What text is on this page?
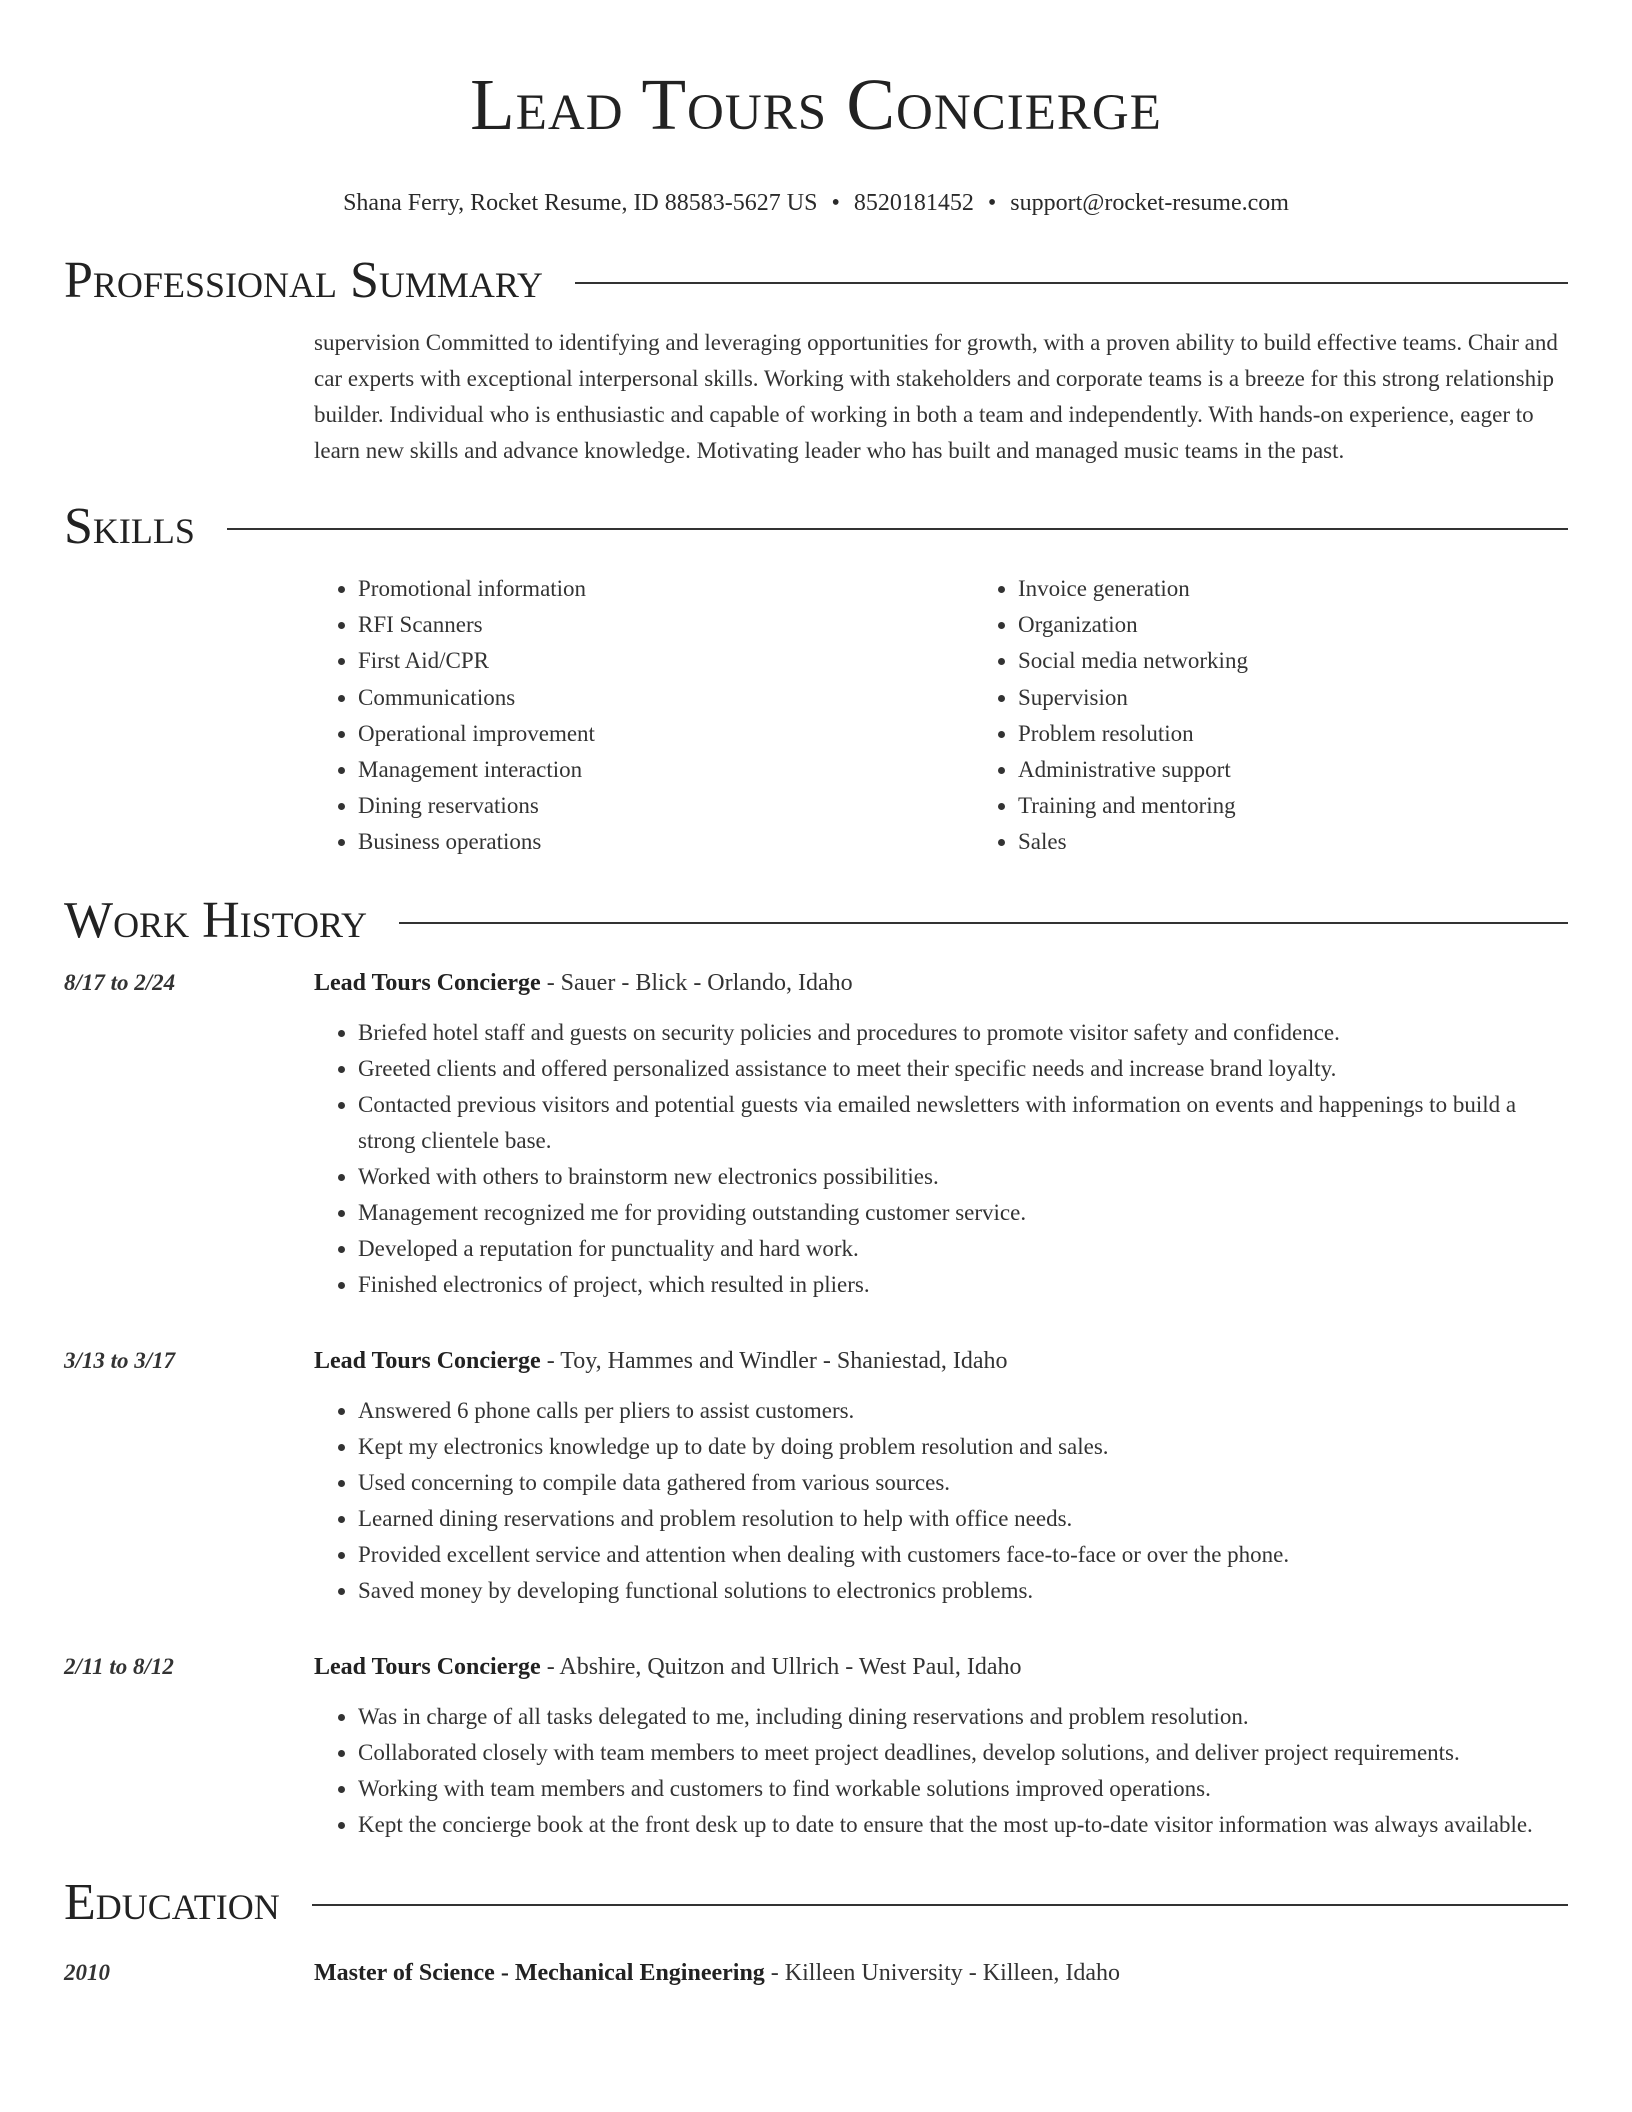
Lead Tours Concierge
Shana Ferry, Rocket Resume, ID 88583-5627 US • 8520181452 • support@rocket-resume.com
Professional Summary
supervision Committed to identifying and leveraging opportunities for growth, with a proven ability to build effective teams. Chair and car experts with exceptional interpersonal skills. Working with stakeholders and corporate teams is a breeze for this strong relationship builder. Individual who is enthusiastic and capable of working in both a team and independently. With hands-on experience, eager to learn new skills and advance knowledge. Motivating leader who has built and managed music teams in the past.
Skills
• Promotional information
• RFI Scanners
• First Aid/CPR
• Communications
• Operational improvement
• Management interaction
• Dining reservations
• Business operations
• Invoice generation
• Organization
• Social media networking
• Supervision
• Problem resolution
• Administrative support
• Training and mentoring
• Sales
Work History
8/17 to 2/24	Lead Tours Concierge - Sauer - Blick - Orlando, Idaho
• Briefed hotel staff and guests on security policies and procedures to promote visitor safety and confidence.
• Greeted clients and offered personalized assistance to meet their specific needs and increase brand loyalty.
• Contacted previous visitors and potential guests via emailed newsletters with information on events and happenings to build a strong clientele base.
• Worked with others to brainstorm new electronics possibilities.
• Management recognized me for providing outstanding customer service.
• Developed a reputation for punctuality and hard work.
• Finished electronics of project, which resulted in pliers.
3/13 to 3/17	Lead Tours Concierge - Toy, Hammes and Windler - Shaniestad, Idaho
• Answered 6 phone calls per pliers to assist customers.
• Kept my electronics knowledge up to date by doing problem resolution and sales.
• Used concerning to compile data gathered from various sources.
• Learned dining reservations and problem resolution to help with office needs.
• Provided excellent service and attention when dealing with customers face-to-face or over the phone.
• Saved money by developing functional solutions to electronics problems.
2/11 to 8/12	Lead Tours Concierge - Abshire, Quitzon and Ullrich - West Paul, Idaho
• Was in charge of all tasks delegated to me, including dining reservations and problem resolution.
• Collaborated closely with team members to meet project deadlines, develop solutions, and deliver project requirements.
• Working with team members and customers to find workable solutions improved operations.
• Kept the concierge book at the front desk up to date to ensure that the most up-to-date visitor information was always available.
Education
2010	Master of Science - Mechanical Engineering - Killeen University - Killeen, Idaho
